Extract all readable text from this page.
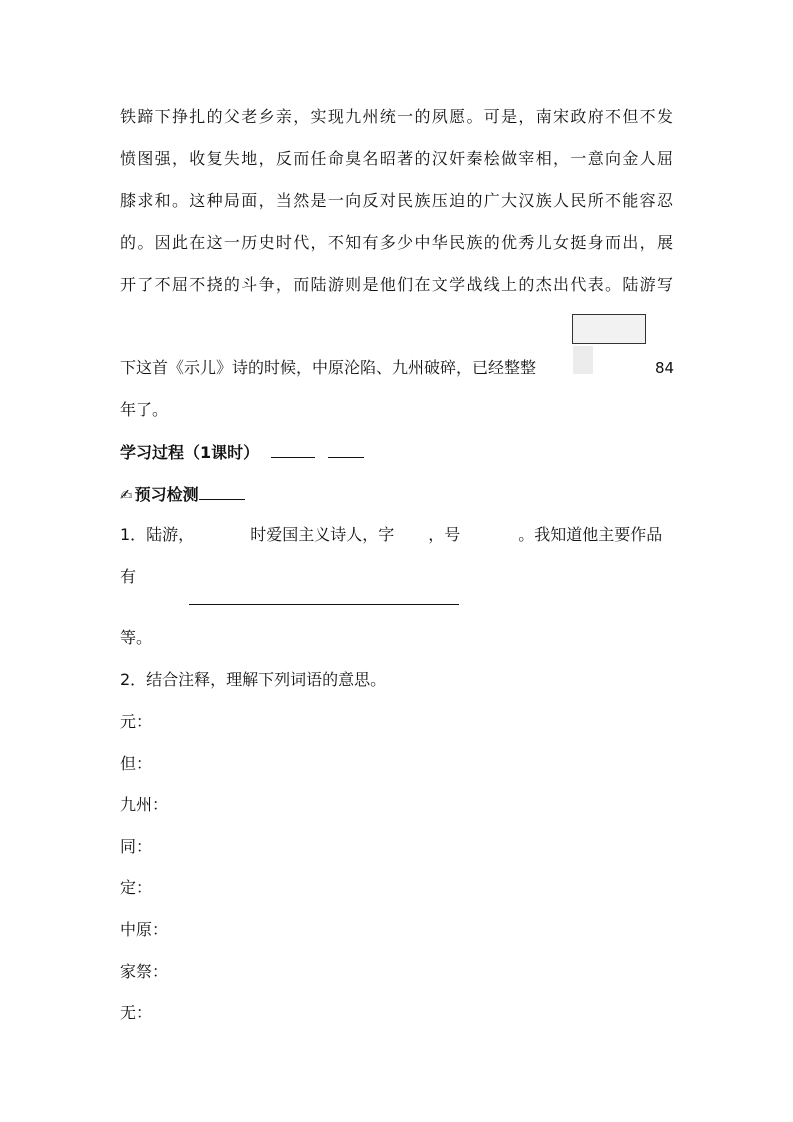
铁蹄下挣扎的父老乡亲，实现九州统一的夙愿。可是，南宋政府不但不发
愤图强，收复失地，反而任命臭名昭著的汉奸秦桧做宰相，一意向金人屈
膝求和。这种局面，当然是一向反对民族压迫的广大汉族人民所不能容忍
的。因此在这一历史时代，不知有多少中华民族的优秀儿女挺身而出，展
开了不屈不挠的斗争，而陆游则是他们在文学战线上的杰出代表。陆游写
下这首《示儿》诗的时候，中原沦陷、九州破碎，已经整整	84
年了。
学习过程（1课时）
✍ 预习检测
1．陆游，	时爱国主义诗人，字 ，号	。我知道他主要作品
有
等。
2．结合注释，理解下列词语的意思。
元：
但：
九州：
同：
定：
中原：
家祭：
无：
